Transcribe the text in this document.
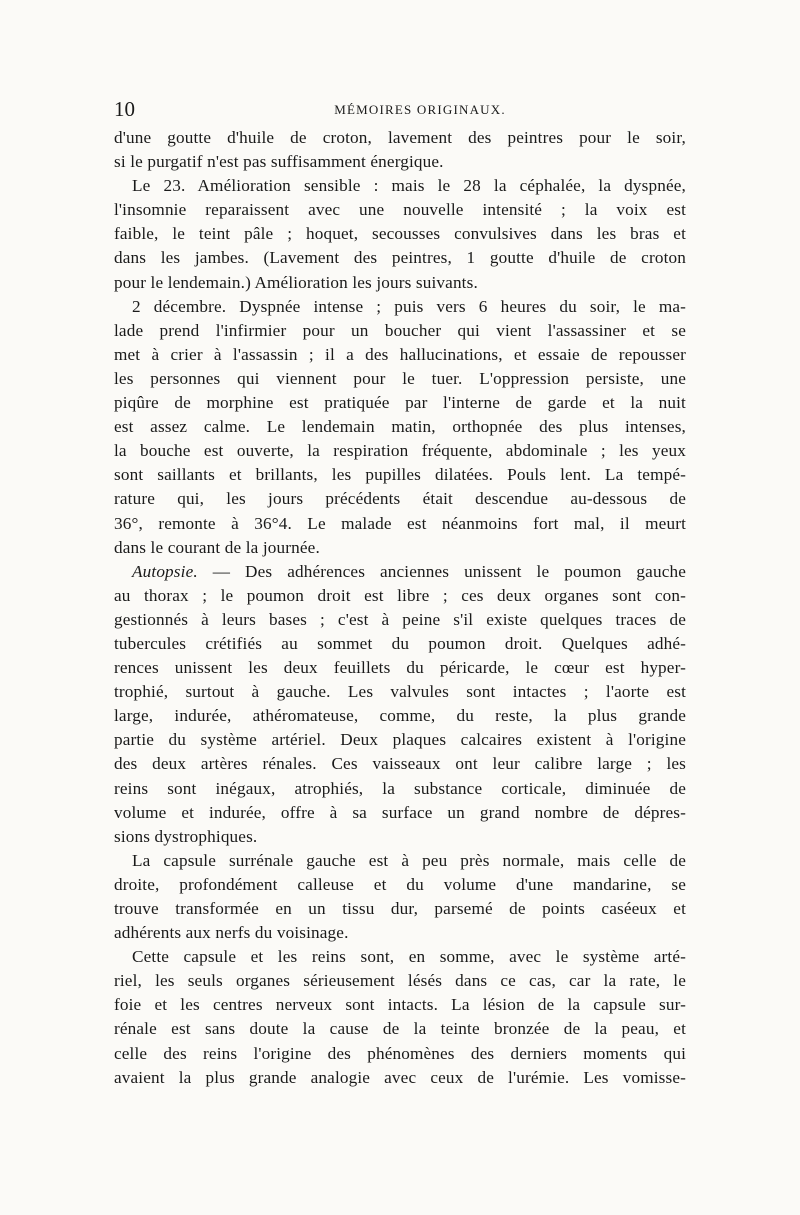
10	MÉMOIRES ORIGINAUX.
d'une goutte d'huile de croton, lavement des peintres pour le soir,
si le purgatif n'est pas suffisamment énergique.
Le 23. Amélioration sensible : mais le 28 la céphalée, la dyspnée,
l'insomnie reparaissent avec une nouvelle intensité ; la voix est
faible, le teint pâle ; hoquet, secousses convulsives dans les bras et
dans les jambes. (Lavement des peintres, 1 goutte d'huile de croton
pour le lendemain.) Amélioration les jours suivants.
2 décembre. Dyspnée intense ; puis vers 6 heures du soir, le ma-
lade prend l'infirmier pour un boucher qui vient l'assassiner et se
met à crier à l'assassin ; il a des hallucinations, et essaie de repousser
les personnes qui viennent pour le tuer. L'oppression persiste, une
piqûre de morphine est pratiquée par l'interne de garde et la nuit
est assez calme. Le lendemain matin, orthopnée des plus intenses,
la bouche est ouverte, la respiration fréquente, abdominale ; les yeux
sont saillants et brillants, les pupilles dilatées. Pouls lent. La tempé-
rature qui, les jours précédents était descendue au-dessous de
36°, remonte à 36°4. Le malade est néanmoins fort mal, il meurt
dans le courant de la journée.
Autopsie. — Des adhérences anciennes unissent le poumon gauche
au thorax ; le poumon droit est libre ; ces deux organes sont con-
gestionnés à leurs bases ; c'est à peine s'il existe quelques traces de
tubercules crétifiés au sommet du poumon droit. Quelques adhé-
rences unissent les deux feuillets du péricarde, le cœur est hyper-
trophié, surtout à gauche. Les valvules sont intactes ; l'aorte est
large, indurée, athéromateuse, comme, du reste, la plus grande
partie du système artériel. Deux plaques calcaires existent à l'origine
des deux artères rénales. Ces vaisseaux ont leur calibre large ; les
reins sont inégaux, atrophiés, la substance corticale, diminuée de
volume et indurée, offre à sa surface un grand nombre de dépres-
sions dystrophiques.
La capsule surrénale gauche est à peu près normale, mais celle de
droite, profondément calleuse et du volume d'une mandarine, se
trouve transformée en un tissu dur, parsemé de points caséeux et
adhérents aux nerfs du voisinage.
Cette capsule et les reins sont, en somme, avec le système arté-
riel, les seuls organes sérieusement lésés dans ce cas, car la rate, le
foie et les centres nerveux sont intacts. La lésion de la capsule sur-
rénale est sans doute la cause de la teinte bronzée de la peau, et
celle des reins l'origine des phénomènes des derniers moments qui
avaient la plus grande analogie avec ceux de l'urémie. Les vomisse-
